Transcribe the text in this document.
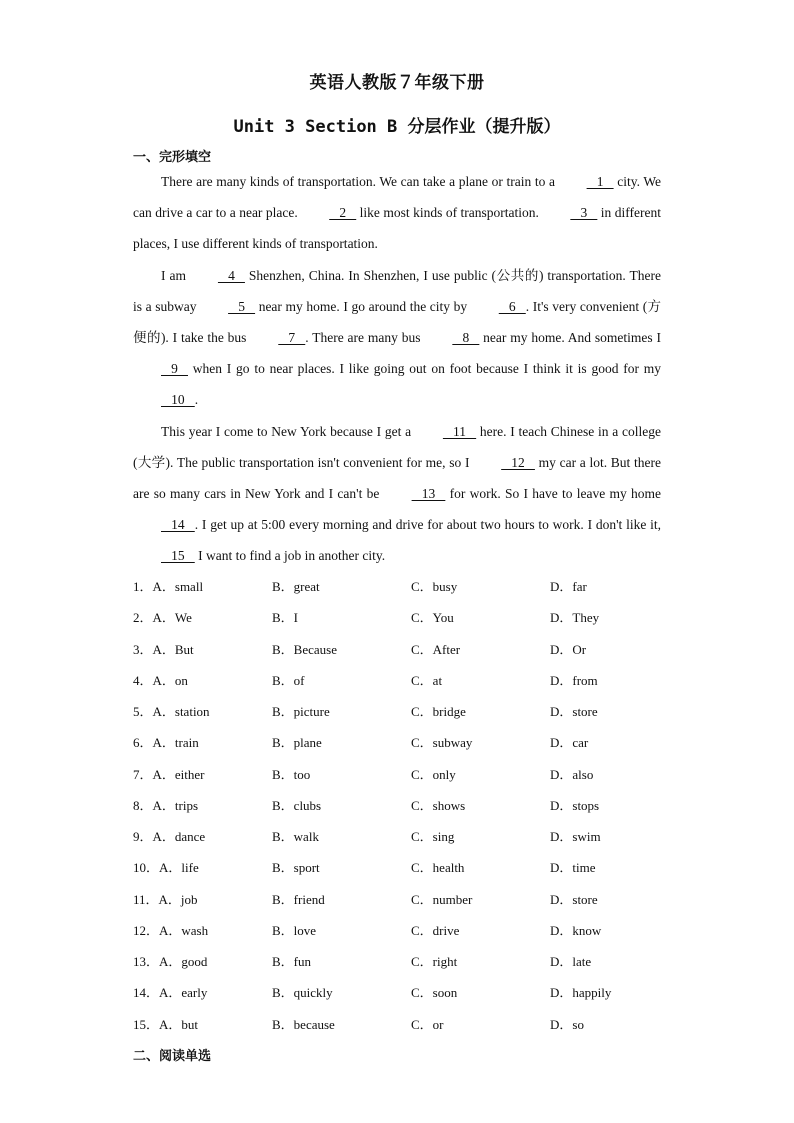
英语人教版７年级下册
Unit 3 Section B 分层作业（提升版）
一、完形填空

There are many kinds of transportation. We can take a plane or train to a    1    city. We can drive a car to a near place.    2    like most kinds of transportation.    3    in different places, I use different kinds of transportation.

I am    4    Shenzhen, China. In Shenzhen, I use public (公共的) transportation. There is a subway    5    near my home. I go around the city by    6   . It's very convenient (方便的). I take the bus    7   . There are many bus    8    near my home. And sometimes I    9    when I go to near places. I like going out on foot because I think it is good for my    10   .

This year I come to New York because I get a    11    here. I teach Chinese in a college (大学). The public transportation isn't convenient for me, so I    12    my car a lot. But there are so many cars in New York and I can't be    13    for work. So I have to leave my home    14   . I get up at 5:00 every morning and drive for about two hours to work. I don't like it,    15    I want to find a job in another city.

1．A．small	B．great	C．busy	D．far
2．A．We	B．I	C．You	D．They
3．A．But	B．Because	C．After	D．Or
4．A．on	B．of	C．at	D．from
5．A．station	B．picture	C．bridge	D．store
6．A．train	B．plane	C．subway	D．car
7．A．either	B．too	C．only	D．also
8．A．trips	B．clubs	C．shows	D．stops
9．A．dance	B．walk	C．sing	D．swim
10．A．life	B．sport	C．health	D．time
11．A．job	B．friend	C．number	D．store
12．A．wash	B．love	C．drive	D．know
13．A．good	B．fun	C．right	D．late
14．A．early	B．quickly	C．soon	D．happily
15．A．but	B．because	C．or	D．so
二、阅读单选
